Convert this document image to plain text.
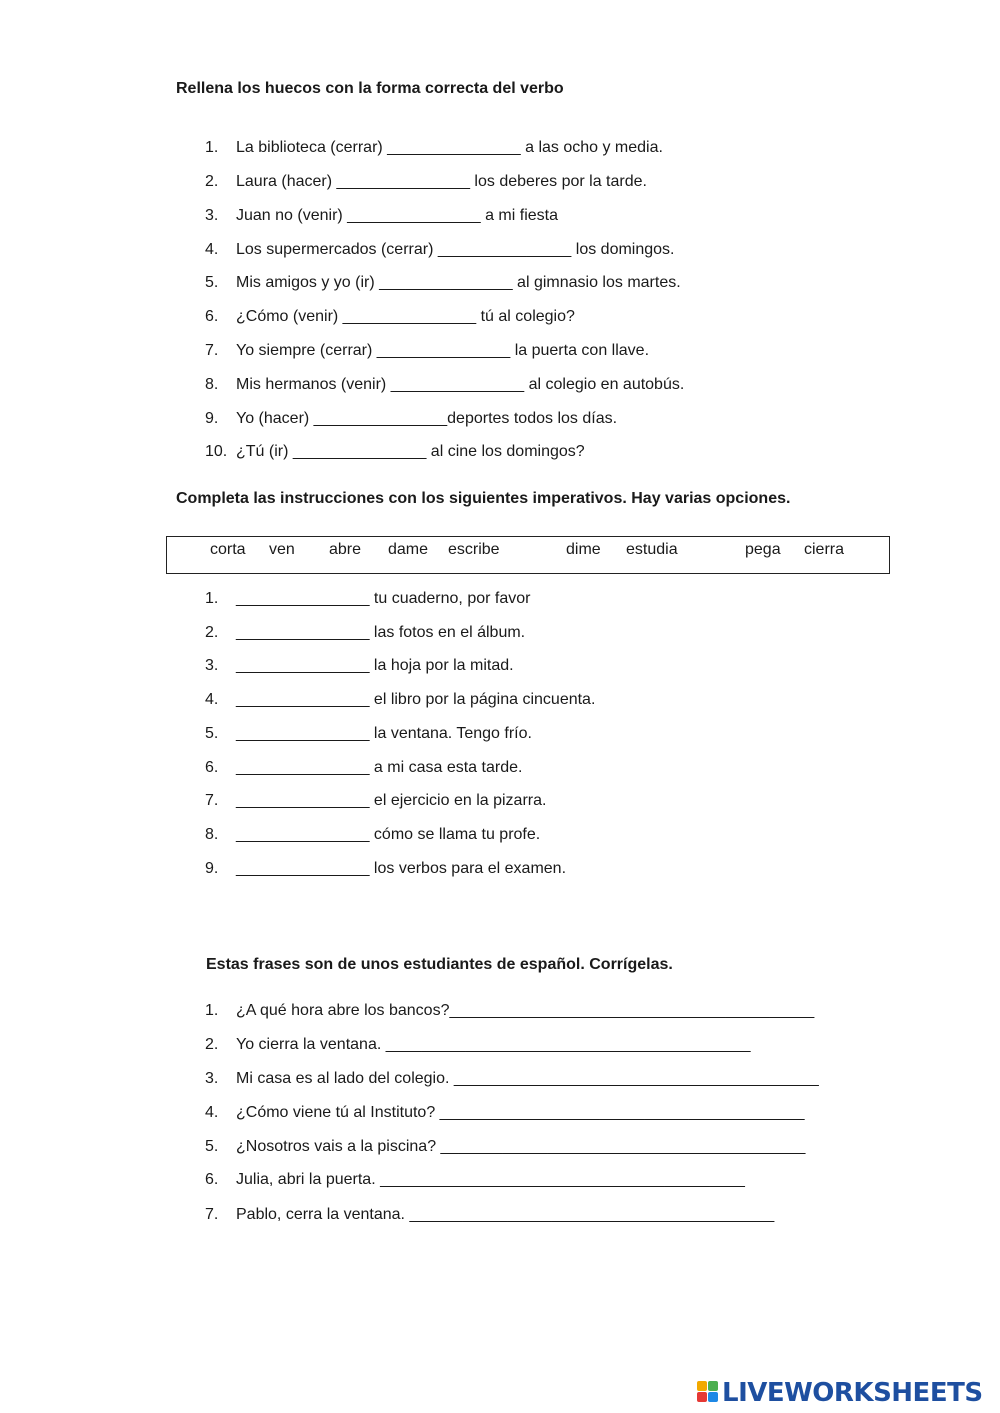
Rellena los huecos con la forma correcta del verbo
1. La biblioteca (cerrar) _______________ a las ocho y media.
2. Laura (hacer) _______________ los deberes por la tarde.
3. Juan no (venir) _______________ a mi fiesta
4. Los supermercados (cerrar) _______________ los domingos.
5. Mis amigos y yo (ir) _______________ al gimnasio los martes.
6. ¿Cómo (venir) _______________ tú al colegio?
7. Yo siempre (cerrar) _______________ la puerta con llave.
8. Mis hermanos (venir) _______________ al colegio en autobús.
9. Yo (hacer) _______________deportes todos los días.
10. ¿Tú (ir) _______________ al cine los domingos?
Completa las instrucciones con los siguientes imperativos. Hay varias opciones.
corta ven abre dame escribe	dime estudia	pega cierra
1. _______________ tu cuaderno, por favor
2. _______________ las fotos en el álbum.
3. _______________ la hoja por la mitad.
4. _______________ el libro por la página cincuenta.
5. _______________ la ventana. Tengo frío.
6. _______________ a mi casa esta tarde.
7. _______________ el ejercicio en la pizarra.
8. _______________ cómo se llama tu profe.
9. _______________ los verbos para el examen.
Estas frases son de unos estudiantes de español. Corrígelas.
1. ¿A qué hora abre los bancos?_________________________________________
2. Yo cierra la ventana. _________________________________________
3. Mi casa es al lado del colegio. _________________________________________
4. ¿Cómo viene tú al Instituto? _________________________________________
5. ¿Nosotros vais a la piscina? _________________________________________
6. Julia, abri la puerta. _________________________________________
7. Pablo, cerra la ventana. _________________________________________
LIVEWORKSHEETS
